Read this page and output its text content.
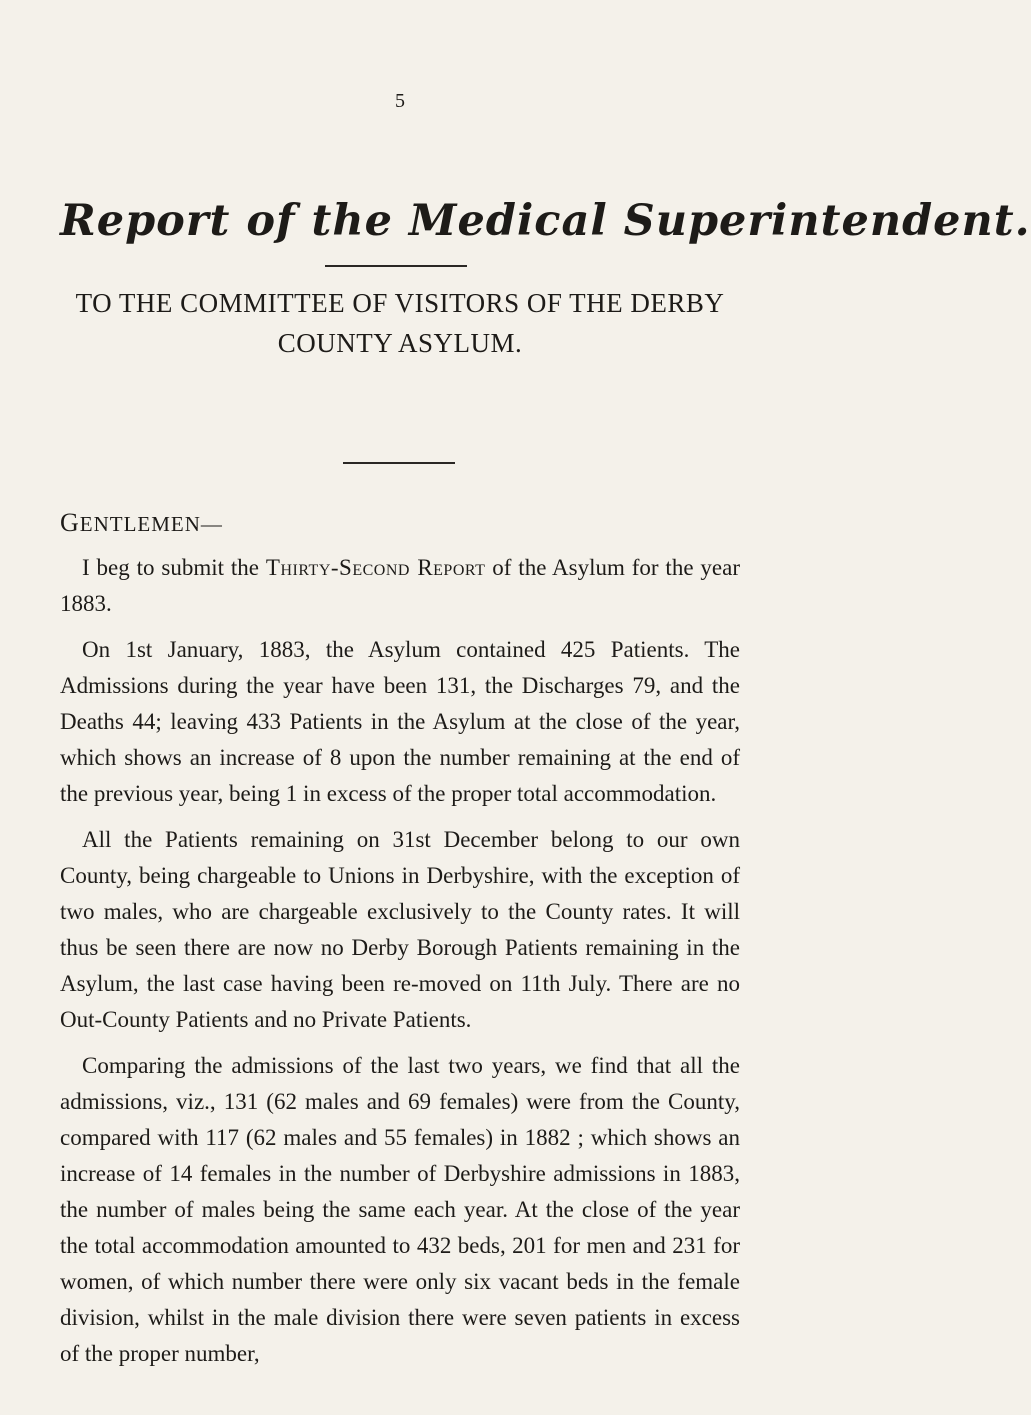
5
Report of the Medical Superintendent.
TO THE COMMITTEE OF VISITORS OF THE DERBY
COUNTY ASYLUM.
GENTLEMEN—

I beg to submit the Thirty-Second Report of the Asylum for the year 1883.

On 1st January, 1883, the Asylum contained 425 Patients. The Admissions during the year have been 131, the Discharges 79, and the Deaths 44; leaving 433 Patients in the Asylum at the close of the year, which shows an increase of 8 upon the number remaining at the end of the previous year, being 1 in excess of the proper total accommodation.

All the Patients remaining on 31st December belong to our own County, being chargeable to Unions in Derbyshire, with the exception of two males, who are chargeable exclusively to the County rates. It will thus be seen there are now no Derby Borough Patients remaining in the Asylum, the last case having been re-moved on 11th July. There are no Out-County Patients and no Private Patients.

Comparing the admissions of the last two years, we find that all the admissions, viz., 131 (62 males and 69 females) were from the County, compared with 117 (62 males and 55 females) in 1882 ; which shows an increase of 14 females in the number of Derbyshire admissions in 1883, the number of males being the same each year. At the close of the year the total accommodation amounted to 432 beds, 201 for men and 231 for women, of which number there were only six vacant beds in the female division, whilst in the male division there were seven patients in excess of the proper number,
